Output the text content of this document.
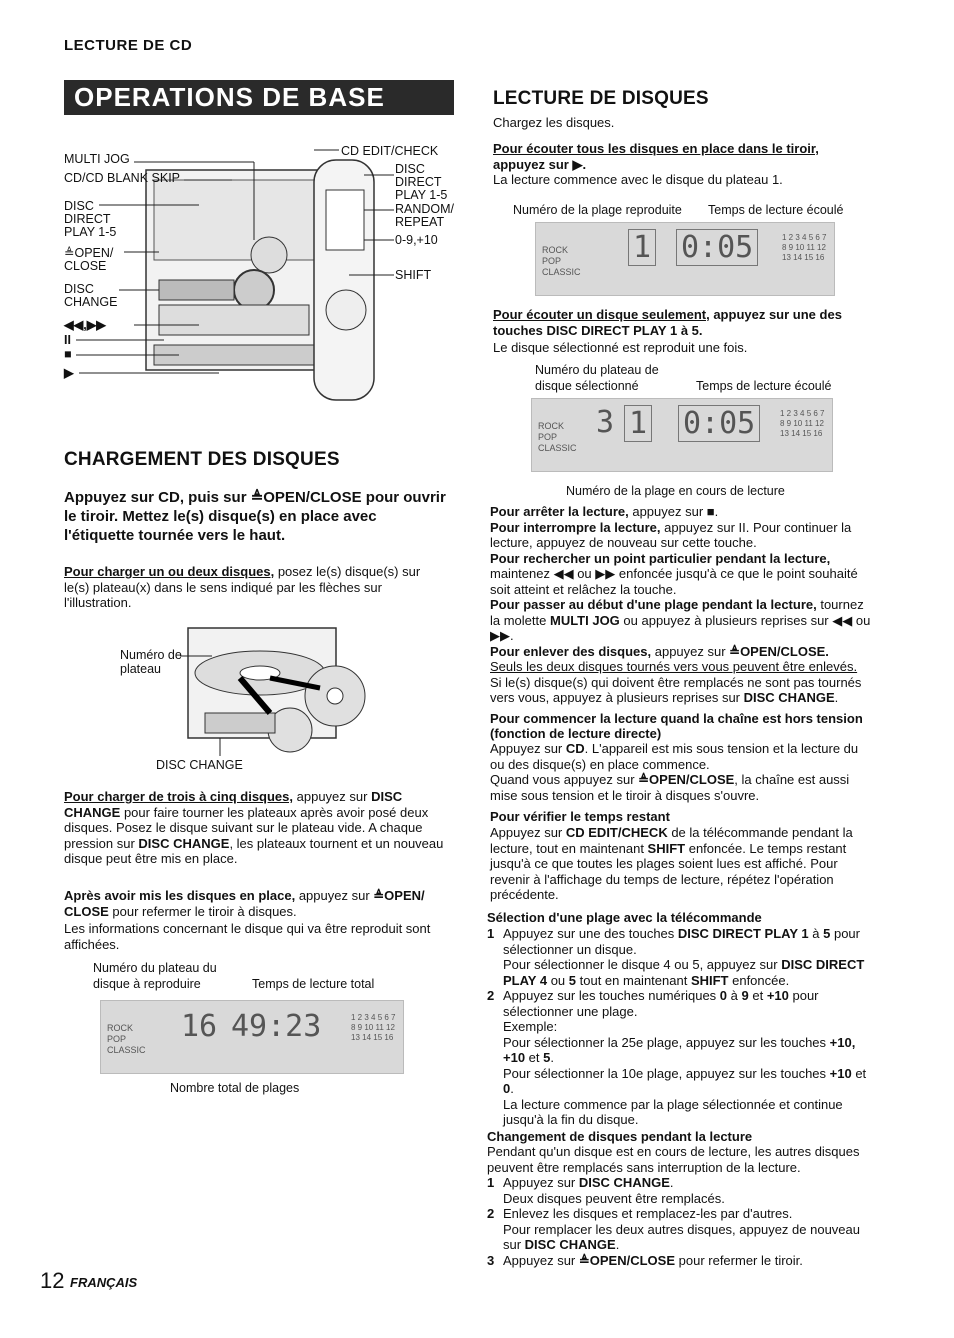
LECTURE DE CD
OPERATIONS DE BASE
MULTI JOG
CD/CD BLANK SKIP
DISC
DIRECT
PLAY 1-5
≜OPEN/
CLOSE
DISC
CHANGE
◀◀,▶▶
II
■
▶
CD EDIT/CHECK
DISC
DIRECT
PLAY 1-5
RANDOM/
REPEAT
0-9,+10
SHIFT
CHARGEMENT DES DISQUES
Appuyez sur CD, puis sur ≜OPEN/CLOSE pour ouvrir le tiroir. Mettez le(s) disque(s) en place avec l'étiquette tournée vers le haut.
Pour charger un ou deux disques, posez le(s) disque(s) sur le(s) plateau(x) dans le sens indiqué par les flèches sur l'illustration.
Numéro de
plateau
DISC CHANGE
Pour charger de trois à cinq disques, appuyez sur DISC CHANGE pour faire tourner les plateaux après avoir posé deux disques. Posez le disque suivant sur le plateau vide. A chaque pression sur DISC CHANGE, les plateaux tournent et un nouveau disque peut être mis en place.
Après avoir mis les disques en place, appuyez sur ≜OPEN/ CLOSE pour refermer le tiroir à disques.
Les informations concernant le disque qui va être reproduit sont affichées.
Numéro du plateau du
disque à reproduire	Temps de lecture total
ROCK
POP
CLASSIC
16 49:23	1 2 3 4 5 6 7 8 9 10 11 12 13 14 15 16
Nombre total de plages
LECTURE DE DISQUES
Chargez les disques.
Pour écouter tous les disques en place dans le tiroir, appuyez sur ▶.
La lecture commence avec le disque du plateau 1.
Numéro de la plage reproduite Temps de lecture écoulé
ROCK
POP
CLASSIC
1 0:05	1 2 3 4 5 6 7 8 9 10 11 12 13 14 15 16
Pour écouter un disque seulement, appuyez sur une des touches DISC DIRECT PLAY 1 à 5.
Le disque sélectionné est reproduit une fois.
Numéro du plateau de
disque sélectionné	Temps de lecture écoulé
ROCK
POP
CLASSIC
3 1 0:05	1 2 3 4 5 6 7 8 9 10 11 12 13 14 15 16
Numéro de la plage en cours de lecture
Pour arrêter la lecture, appuyez sur ■.
Pour interrompre la lecture, appuyez sur II. Pour continuer la lecture, appuyez de nouveau sur cette touche.
Pour rechercher un point particulier pendant la lecture, maintenez ◀◀ ou ▶▶ enfoncée jusqu'à ce que le point souhaité soit atteint et relâchez la touche.
Pour passer au début d'une plage pendant la lecture, tournez la molette MULTI JOG ou appuyez à plusieurs reprises sur ◀◀ ou ▶▶.
Pour enlever des disques, appuyez sur ≜OPEN/CLOSE.
Seuls les deux disques tournés vers vous peuvent être enlevés.
Si le(s) disque(s) qui doivent être remplacés ne sont pas tournés vers vous, appuyez à plusieurs reprises sur DISC CHANGE.
Pour commencer la lecture quand la chaîne est hors tension (fonction de lecture directe)
Appuyez sur CD. L'appareil est mis sous tension et la lecture du ou des disque(s) en place commence.
Quand vous appuyez sur ≜OPEN/CLOSE, la chaîne est aussi mise sous tension et le tiroir à disques s'ouvre.
Pour vérifier le temps restant
Appuyez sur CD EDIT/CHECK de la télécommande pendant la lecture, tout en maintenant SHIFT enfoncée. Le temps restant jusqu'à ce que toutes les plages soient lues est affiché. Pour revenir à l'affichage du temps de lecture, répétez l'opération précédente.
Sélection d'une plage avec la télécommande
1 Appuyez sur une des touches DISC DIRECT PLAY 1 à 5 pour sélectionner un disque.
Pour sélectionner le disque 4 ou 5, appuyez sur DISC DIRECT PLAY 4 ou 5 tout en maintenant SHIFT enfoncée.
2 Appuyez sur les touches numériques 0 à 9 et +10 pour sélectionner une plage.
Exemple:
Pour sélectionner la 25e plage, appuyez sur les touches +10, +10 et 5.
Pour sélectionner la 10e plage, appuyez sur les touches +10 et 0.
La lecture commence par la plage sélectionnée et continue jusqu'à la fin du disque.
Changement de disques pendant la lecture
Pendant qu'un disque est en cours de lecture, les autres disques peuvent être remplacés sans interruption de la lecture.
1 Appuyez sur DISC CHANGE.
Deux disques peuvent être remplacés.
2 Enlevez les disques et remplacez-les par d'autres.
Pour remplacer les deux autres disques, appuyez de nouveau sur DISC CHANGE.
3 Appuyez sur ≜OPEN/CLOSE pour refermer le tiroir.
12 FRANÇAIS
